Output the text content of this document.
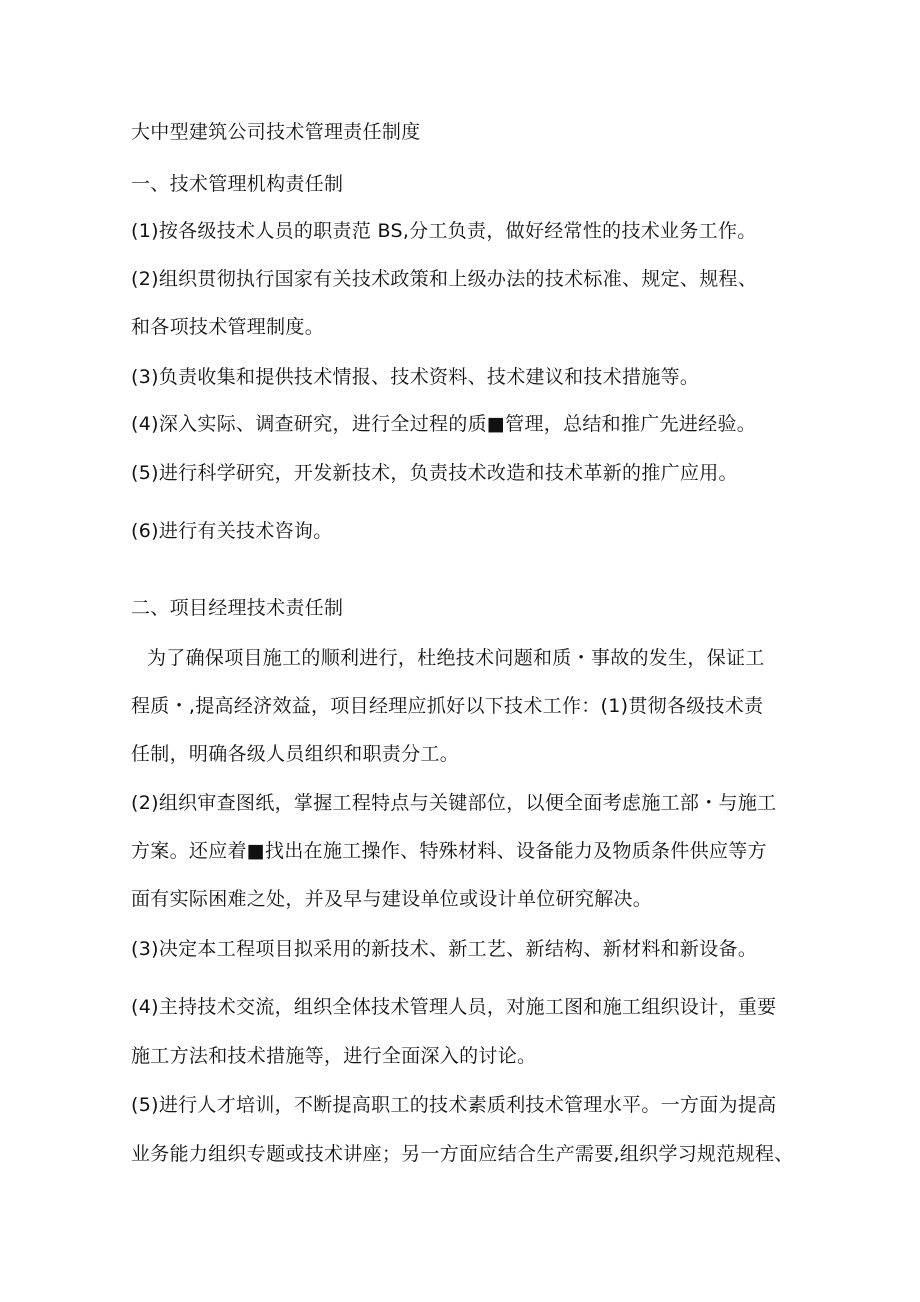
大中型建筑公司技术管理责任制度
一、技术管理机构责任制
(1)按各级技术人员的职责范 BS,分工负责，做好经常性的技术业务工作。
(2)组织贯彻执行国家有关技术政策和上级办法的技术标准、规定、规程、
和各项技术管理制度。
(3)负责收集和提供技术情报、技术资料、技术建议和技术措施等。
(4)深入实际、调查研究，进行全过程的质■管理，总结和推广先进经验。
(5)进行科学研究，开发新技术，负责技术改造和技术革新的推广应用。
(6)进行有关技术咨询。
二、项目经理技术责任制
为了确保项目施工的顺利进行，杜绝技术问题和质・事故的发生，保证工
程质・,提高经济效益，项目经理应抓好以下技术工作：(1)贯彻各级技术责
任制，明确各级人员组织和职责分工。
(2)组织审查图纸，掌握工程特点与关键部位，以便全面考虑施工部・与施工
方案。还应着■找出在施工操作、特殊材料、设备能力及物质条件供应等方
面有实际困难之处，并及早与建设单位或设计单位研究解决。
(3)决定本工程项目拟采用的新技术、新工艺、新结构、新材料和新设备。
(4)主持技术交流，组织全体技术管理人员，对施工图和施工组织设计，重要
施工方法和技术措施等，进行全面深入的讨论。
(5)进行人才培训，不断提高职工的技术素质利技术管理水平。一方面为提高
业务能力组织专题或技术讲座；另一方面应结合生产需要,组织学习规范规程、
